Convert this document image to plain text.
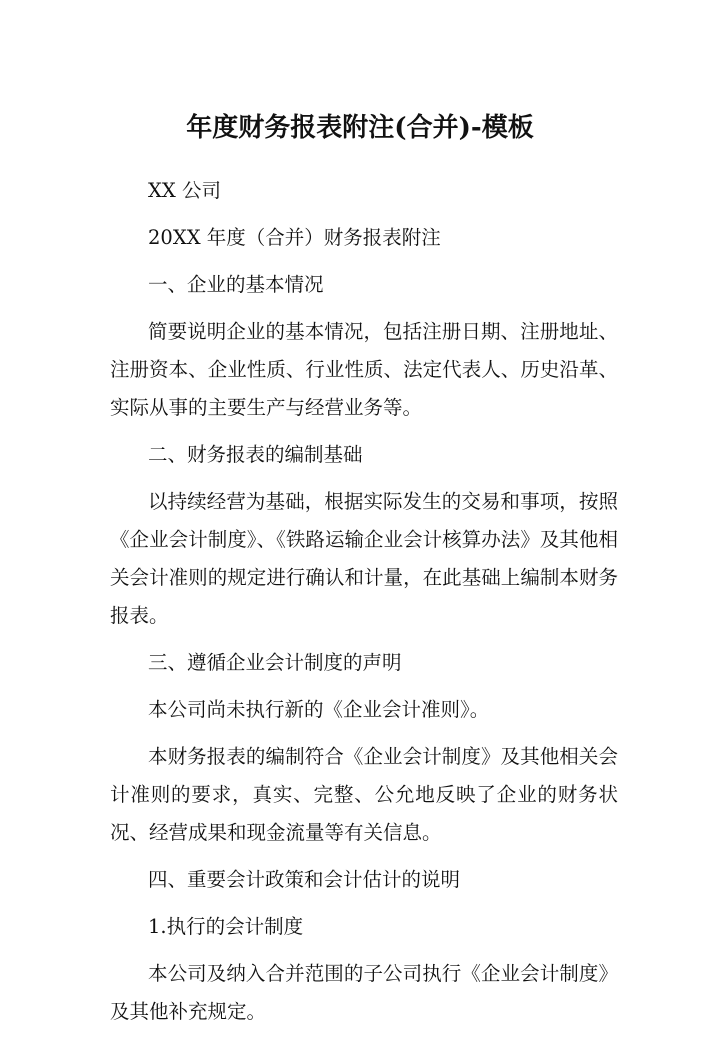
年度财务报表附注(合并)-模板

XX 公司

20XX 年度（合并）财务报表附注

一、企业的基本情况

简要说明企业的基本情况，包括注册日期、注册地址、注册资本、企业性质、行业性质、法定代表人、历史沿革、实际从事的主要生产与经营业务等。

二、财务报表的编制基础

以持续经营为基础，根据实际发生的交易和事项，按照《企业会计制度》、《铁路运输企业会计核算办法》及其他相关会计准则的规定进行确认和计量，在此基础上编制本财务报表。

三、遵循企业会计制度的声明

本公司尚未执行新的《企业会计准则》。

本财务报表的编制符合《企业会计制度》及其他相关会计准则的要求，真实、完整、公允地反映了企业的财务状况、经营成果和现金流量等有关信息。

四、重要会计政策和会计估计的说明

1.执行的会计制度

本公司及纳入合并范围的子公司执行《企业会计制度》及其他补充规定。
